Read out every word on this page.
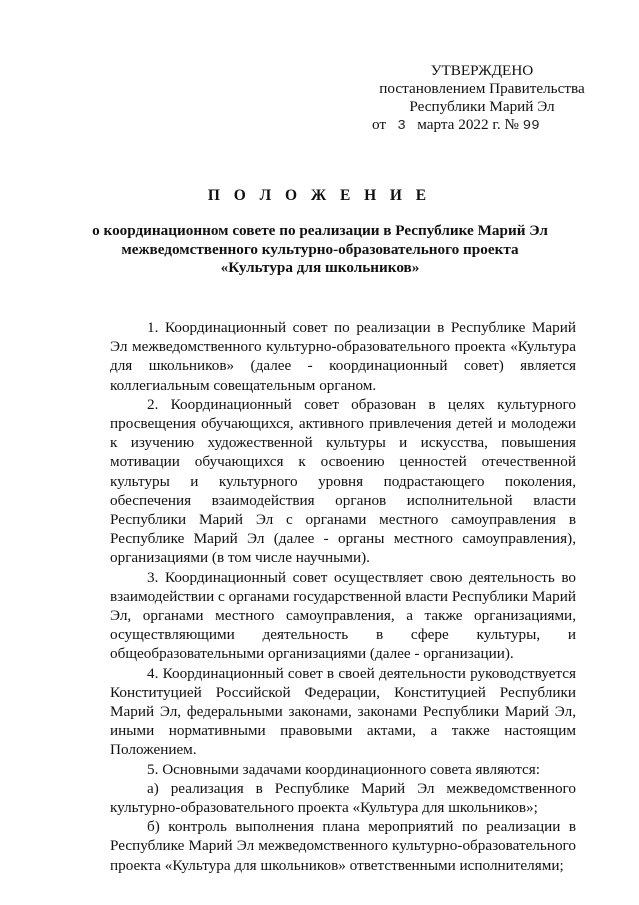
УТВЕРЖДЕНО
постановлением Правительства
Республики Марий Эл
от 3 марта 2022 г. № 99
П О Л О Ж Е Н И Е
о координационном совете по реализации в Республике Марий Эл
межведомственного культурно-образовательного проекта
«Культура для школьников»

1. Координационный совет по реализации в Республике Марий Эл межведомственного культурно-образовательного проекта «Культура для школьников» (далее - координационный совет) является коллегиальным совещательным органом.

2. Координационный совет образован в целях культурного просвещения обучающихся, активного привлечения детей и молодежи к изучению художественной культуры и искусства, повышения мотивации обучающихся к освоению ценностей отечественной культуры и культурного уровня подрастающего поколения, обеспечения взаимодействия органов исполнительной власти Республики Марий Эл с органами местного самоуправления в Республике Марий Эл (далее - органы местного самоуправления), организациями (в том числе научными).

3. Координационный совет осуществляет свою деятельность во взаимодействии с органами государственной власти Республики Марий Эл, органами местного самоуправления, а также организациями, осуществляющими деятельность в сфере культуры, и общеобразовательными организациями (далее - организации).

4. Координационный совет в своей деятельности руководствуется Конституцией Российской Федерации, Конституцией Республики Марий Эл, федеральными законами, законами Республики Марий Эл, иными нормативными правовыми актами, а также настоящим Положением.

5. Основными задачами координационного совета являются:

а) реализация в Республике Марий Эл межведомственного культурно-образовательного проекта «Культура для школьников»;

б) контроль выполнения плана мероприятий по реализации в Республике Марий Эл межведомственного культурно-образовательного проекта «Культура для школьников» ответственными исполнителями;
